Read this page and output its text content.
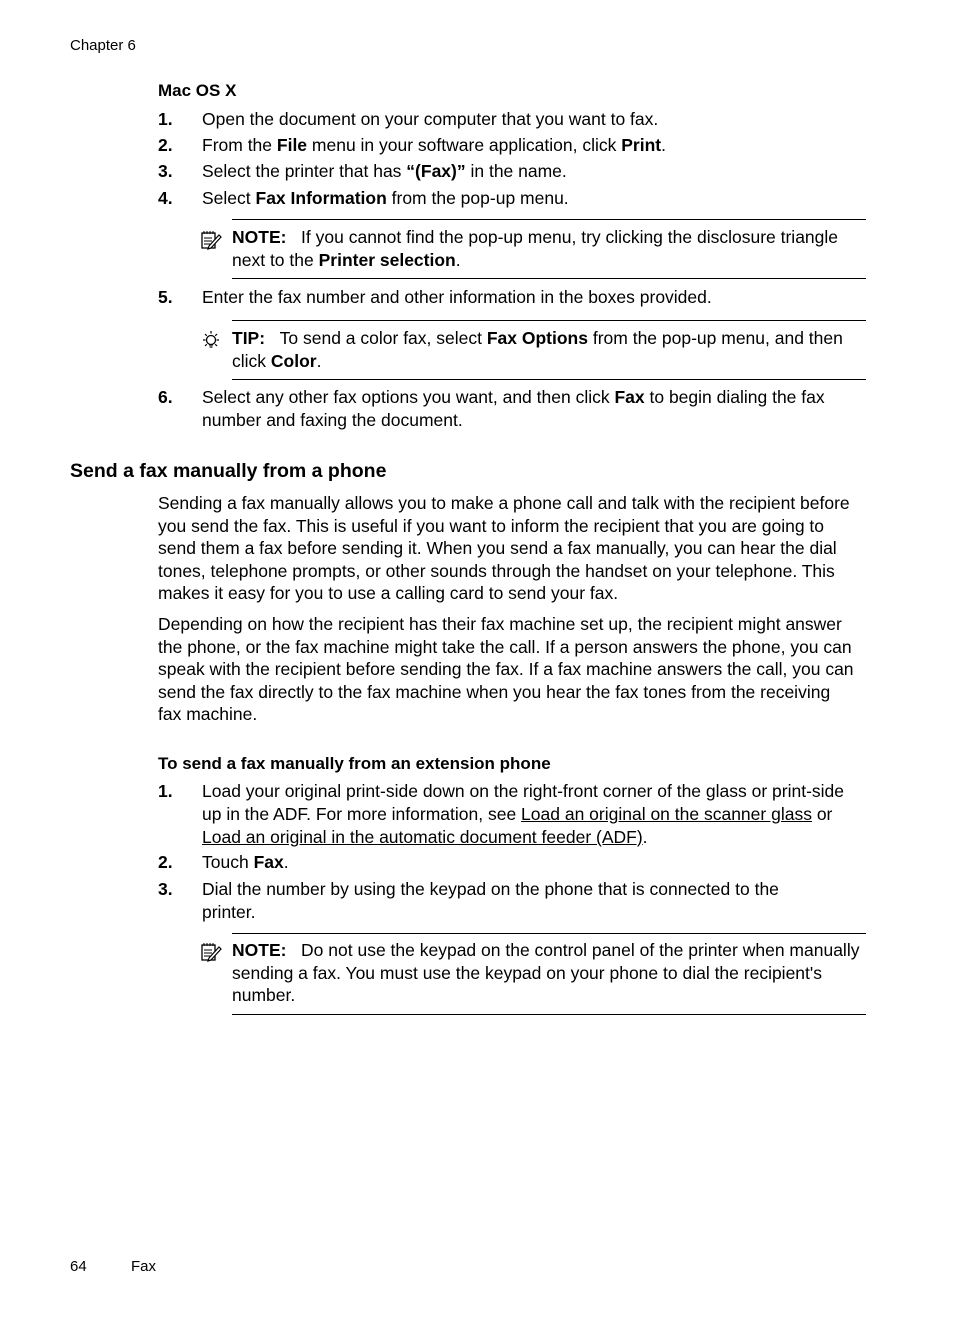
Chapter 6
Mac OS X
1. Open the document on your computer that you want to fax.
2. From the File menu in your software application, click Print.
3. Select the printer that has “(Fax)” in the name.
4. Select Fax Information from the pop-up menu.
NOTE: If you cannot find the pop-up menu, try clicking the disclosure triangle next to the Printer selection.
5. Enter the fax number and other information in the boxes provided.
TIP: To send a color fax, select Fax Options from the pop-up menu, and then click Color.
6. Select any other fax options you want, and then click Fax to begin dialing the fax number and faxing the document.
Send a fax manually from a phone
Sending a fax manually allows you to make a phone call and talk with the recipient before you send the fax. This is useful if you want to inform the recipient that you are going to send them a fax before sending it. When you send a fax manually, you can hear the dial tones, telephone prompts, or other sounds through the handset on your telephone. This makes it easy for you to use a calling card to send your fax.
Depending on how the recipient has their fax machine set up, the recipient might answer the phone, or the fax machine might take the call. If a person answers the phone, you can speak with the recipient before sending the fax. If a fax machine answers the call, you can send the fax directly to the fax machine when you hear the fax tones from the receiving fax machine.
To send a fax manually from an extension phone
1. Load your original print-side down on the right-front corner of the glass or print-side up in the ADF. For more information, see Load an original on the scanner glass or Load an original in the automatic document feeder (ADF).
2. Touch Fax.
3. Dial the number by using the keypad on the phone that is connected to the printer.
NOTE: Do not use the keypad on the control panel of the printer when manually sending a fax. You must use the keypad on your phone to dial the recipient's number.
64	Fax
